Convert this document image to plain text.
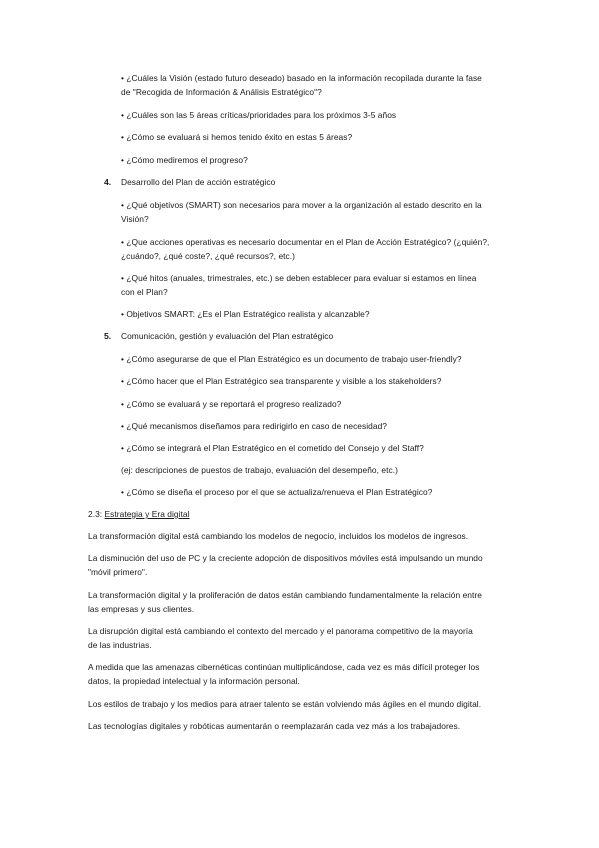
• ¿Cuáles la Visión (estado futuro deseado) basado en la información recopilada durante la fase
de "Recogida de Información & Análisis Estratégico"?
• ¿Cuáles son las 5 áreas críticas/prioridades para los próximos 3-5 años
• ¿Cómo se evaluará si hemos tenido éxito en estas 5 áreas?
• ¿Cómo mediremos el progreso?
4. Desarrollo del Plan de acción estratégico
• ¿Qué objetivos (SMART) son necesarios para mover a la organización al estado descrito en la
Visión?
• ¿Que acciones operativas es necesario documentar en el Plan de Acción Estratégico? (¿quién?,
¿cuándo?, ¿qué coste?, ¿qué recursos?, etc.)
• ¿Qué hitos (anuales, trimestrales, etc.) se deben establecer para evaluar si estamos en línea
con el Plan?
• Objetivos SMART: ¿Es el Plan Estratégico realista y alcanzable?
5. Comunicación, gestión y evaluación del Plan estratégico
• ¿Cómo asegurarse de que el Plan Estratégico es un documento de trabajo user-friendly?
• ¿Cómo hacer que el Plan Estratégico sea transparente y visible a los stakeholders?
• ¿Cómo se evaluará y se reportará el progreso realizado?
• ¿Qué mecanismos diseñamos para redirigirlo en caso de necesidad?
• ¿Cómo se integrará el Plan Estratégico en el cometido del Consejo y del Staff?
(ej: descripciones de puestos de trabajo, evaluación del desempeño, etc.)
• ¿Cómo se diseña el proceso por el que se actualiza/renueva el Plan Estratégico?
2.3: Estrategia y Era digital
La transformación digital está cambiando los modelos de negocio, incluidos los modelos de ingresos.
La disminución del uso de PC y la creciente adopción de dispositivos móviles está impulsando un mundo
"móvil primero".
La transformación digital y la proliferación de datos están cambiando fundamentalmente la relación entre
las empresas y sus clientes.
La disrupción digital está cambiando el contexto del mercado y el panorama competitivo de la mayoría
de las industrias.
A medida que las amenazas cibernéticas continúan multiplicándose, cada vez es más difícil proteger los
datos, la propiedad intelectual y la información personal.
Los estilos de trabajo y los medios para atraer talento se están volviendo más ágiles en el mundo digital.
Las tecnologías digitales y robóticas aumentarán o reemplazarán cada vez más a los trabajadores.
